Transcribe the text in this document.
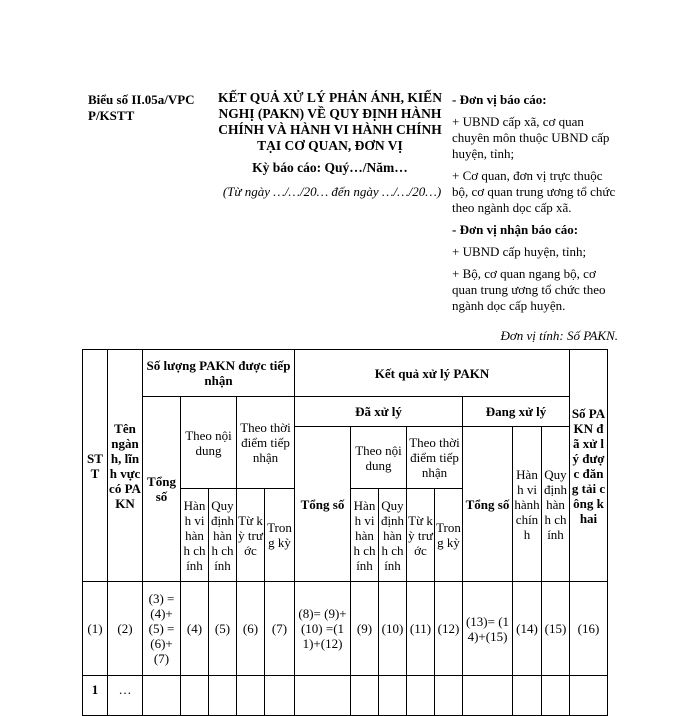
Biểu số II.05a/VPCP/KSTT
KẾT QUẢ XỬ LÝ PHẢN ÁNH, KIẾN NGHỊ (PAKN) VỀ QUY ĐỊNH HÀNH CHÍNH VÀ HÀNH VI HÀNH CHÍNH TẠI CƠ QUAN, ĐƠN VỊ
Kỳ báo cáo: Quý…/Năm…
(Từ ngày …/…/20… đến ngày …/…/20…)

- Đơn vị báo cáo:

+ UBND cấp xã, cơ quan chuyên môn thuộc UBND cấp huyện, tỉnh;

+ Cơ quan, đơn vị trực thuộc bộ, cơ quan trung ương tổ chức theo ngành dọc cấp xã.

- Đơn vị nhận báo cáo:

+ UBND cấp huyện, tỉnh;

+ Bộ, cơ quan ngang bộ, cơ quan trung ương tổ chức theo ngành dọc cấp huyện.

Đơn vị tính: Số PAKN.
STT	Tên ngành, lĩnh vực có PAKN	Số lượng PAKN được tiếp nhận					Kết quả xử lý PAKN								Số PAKN đã xử lý được đăng tải công khai
		Tổng số	Theo nội dung		Theo thời điểm tiếp nhận		Đã xử lý					Đang xử lý			
							Tổng số	Theo nội dung		Theo thời điểm tiếp nhận		Tổng số	Hành vi hành chính	Quy định hành chính	
			Hành vi hành chính	Quy định hành chính	Từ kỳ trước	Trong kỳ		Hành vi hành chính	Quy định hành chính	Từ kỳ trước	Trong kỳ				
(1)	(2)	(3) =(4)+(5) =(6)+(7)	(4)	(5)	(6)	(7)	(8)= (9)+(10) =(11)+(12)	(9)	(10)	(11)	(12)	(13)= (14)+(15)	(14)	(15)	(16)
1	…														
